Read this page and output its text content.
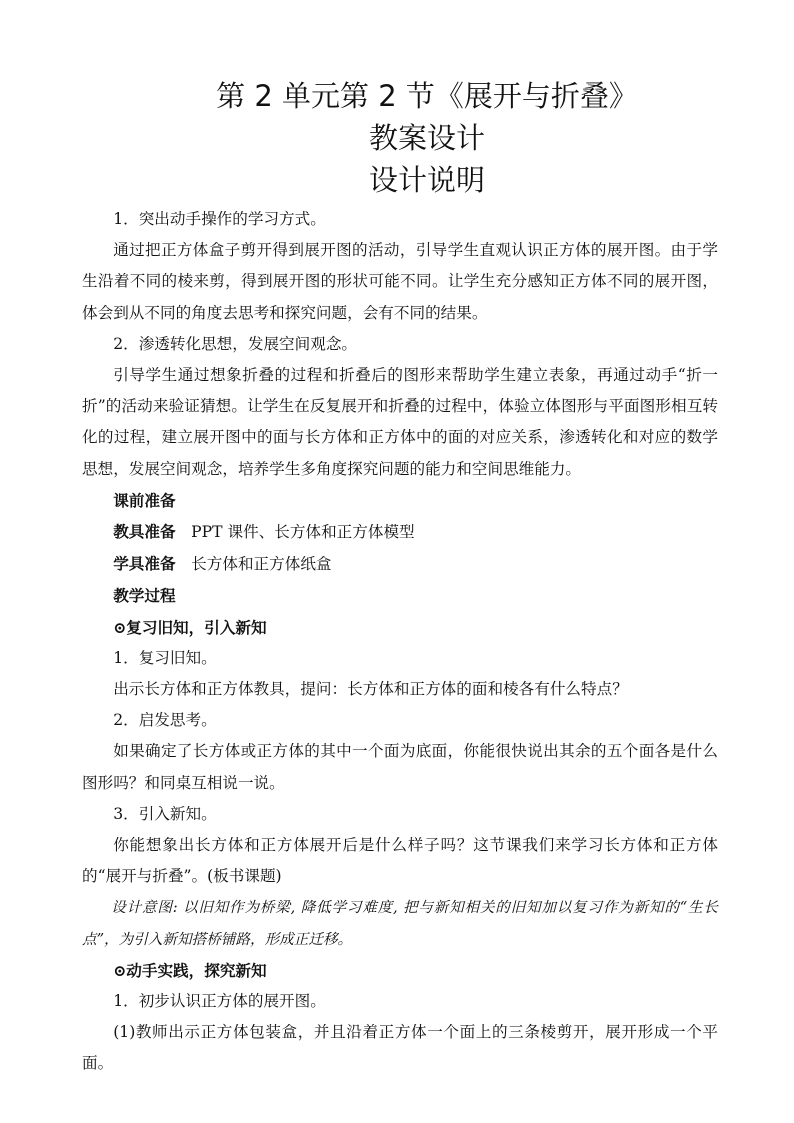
第 2 单元第 2 节《展开与折叠》
教案设计
设计说明

1．突出动手操作的学习方式。

通过把正方体盒子剪开得到展开图的活动，引导学生直观认识正方体的展开图。由于学生沿着不同的棱来剪，得到展开图的形状可能不同。让学生充分感知正方体不同的展开图，体会到从不同的角度去思考和探究问题，会有不同的结果。

2．渗透转化思想，发展空间观念。

引导学生通过想象折叠的过程和折叠后的图形来帮助学生建立表象，再通过动手“折一折”的活动来验证猜想。让学生在反复展开和折叠的过程中，体验立体图形与平面图形相互转化的过程，建立展开图中的面与长方体和正方体中的面的对应关系，渗透转化和对应的数学思想，发展空间观念，培养学生多角度探究问题的能力和空间思维能力。

课前准备

教具准备 PPT 课件、长方体和正方体模型

学具准备 长方体和正方体纸盒

教学过程

⊙复习旧知，引入新知

1．复习旧知。

出示长方体和正方体教具，提问：长方体和正方体的面和棱各有什么特点？

2．启发思考。

如果确定了长方体或正方体的其中一个面为底面，你能很快说出其余的五个面各是什么图形吗？和同桌互相说一说。

3．引入新知。

你能想象出长方体和正方体展开后是什么样子吗？这节课我们来学习长方体和正方体的“展开与折叠”。(板书课题)

设计意图: 以旧知作为桥梁, 降低学习难度, 把与新知相关的旧知加以复习作为新知的“生长点”，为引入新知搭桥铺路，形成正迁移。

⊙动手实践，探究新知

1．初步认识正方体的展开图。

(1)教师出示正方体包装盒，并且沿着正方体一个面上的三条棱剪开，展开形成一个平面。
